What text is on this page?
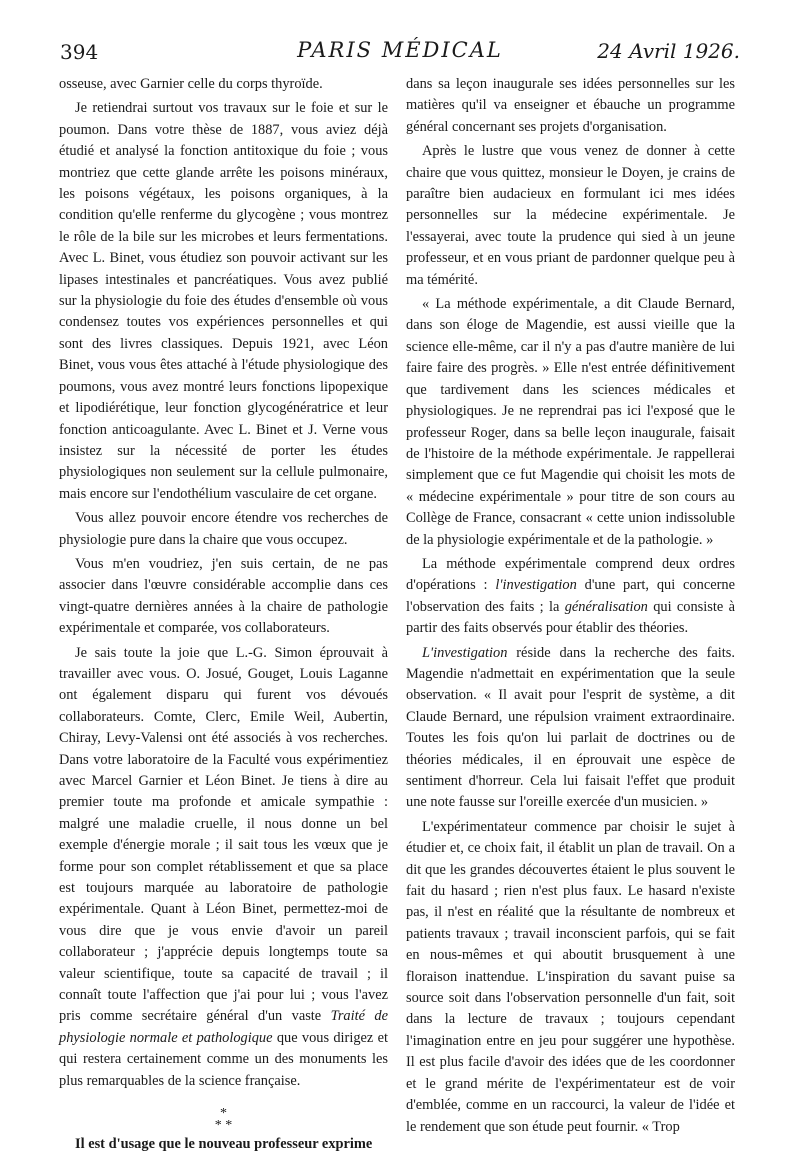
394	PARIS MÉDICAL	24 Avril 1926.

osseuse, avec Garnier celle du corps thyroïde.

Je retiendrai surtout vos travaux sur le foie et sur le poumon. Dans votre thèse de 1887, vous aviez déjà étudié et analysé la fonction antitoxique du foie ; vous montriez que cette glande arrête les poisons minéraux, les poisons végétaux, les poisons organiques, à la condition qu'elle renferme du glycogène ; vous montrez le rôle de la bile sur les microbes et leurs fermentations. Avec L. Binet, vous étudiez son pouvoir activant sur les lipases intestinales et pancréatiques. Vous avez publié sur la physiologie du foie des études d'ensemble où vous condensez toutes vos expériences personnelles et qui sont des livres classiques. Depuis 1921, avec Léon Binet, vous vous êtes attaché à l'étude physiologique des poumons, vous avez montré leurs fonctions lipopexique et lipodiérétique, leur fonction glycogénératrice et leur fonction anticoagulante. Avec L. Binet et J. Verne vous insistez sur la nécessité de porter les études physiologiques non seulement sur la cellule pulmonaire, mais encore sur l'endothélium vasculaire de cet organe.

Vous allez pouvoir encore étendre vos recherches de physiologie pure dans la chaire que vous occupez.

Vous m'en voudriez, j'en suis certain, de ne pas associer dans l'œuvre considérable accomplie dans ces vingt-quatre dernières années à la chaire de pathologie expérimentale et comparée, vos collaborateurs.

Je sais toute la joie que L.-G. Simon éprouvait à travailler avec vous. O. Josué, Gouget, Louis Laganne ont également disparu qui furent vos dévoués collaborateurs. Comte, Clerc, Emile Weil, Aubertin, Chiray, Levy-Valensi ont été associés à vos recherches. Dans votre laboratoire de la Faculté vous expérimentiez avec Marcel Garnier et Léon Binet. Je tiens à dire au premier toute ma profonde et amicale sympathie : malgré une maladie cruelle, il nous donne un bel exemple d'énergie morale ; il sait tous les vœux que je forme pour son complet rétablissement et que sa place est toujours marquée au laboratoire de pathologie expérimentale. Quant à Léon Binet, permettez-moi de vous dire que je vous envie d'avoir un pareil collaborateur ; j'apprécie depuis longtemps toute sa valeur scientifique, toute sa capacité de travail ; il connaît toute l'affection que j'ai pour lui ; vous l'avez pris comme secrétaire général d'un vaste Traité de physiologie normale et pathologique que vous dirigez et qui restera certainement comme un des monuments les plus remarquables de la science française.

*
* *

Il est d'usage que le nouveau professeur exprime

dans sa leçon inaugurale ses idées personnelles sur les matières qu'il va enseigner et ébauche un programme général concernant ses projets d'organisation.

Après le lustre que vous venez de donner à cette chaire que vous quittez, monsieur le Doyen, je crains de paraître bien audacieux en formulant ici mes idées personnelles sur la médecine expérimentale. Je l'essayerai, avec toute la prudence qui sied à un jeune professeur, et en vous priant de pardonner quelque peu à ma témérité.

« La méthode expérimentale, a dit Claude Bernard, dans son éloge de Magendie, est aussi vieille que la science elle-même, car il n'y a pas d'autre manière de lui faire faire des progrès. » Elle n'est entrée définitivement que tardivement dans les sciences médicales et physiologiques. Je ne reprendrai pas ici l'exposé que le professeur Roger, dans sa belle leçon inaugurale, faisait de l'histoire de la méthode expérimentale. Je rappellerai simplement que ce fut Magendie qui choisit les mots de « médecine expérimentale » pour titre de son cours au Collège de France, consacrant « cette union indissoluble de la physiologie expérimentale et de la pathologie. »

La méthode expérimentale comprend deux ordres d'opérations : l'investigation d'une part, qui concerne l'observation des faits ; la généralisation qui consiste à partir des faits observés pour établir des théories.

L'investigation réside dans la recherche des faits. Magendie n'admettait en expérimentation que la seule observation. « Il avait pour l'esprit de système, a dit Claude Bernard, une répulsion vraiment extraordinaire. Toutes les fois qu'on lui parlait de doctrines ou de théories médicales, il en éprouvait une espèce de sentiment d'horreur. Cela lui faisait l'effet que produit une note fausse sur l'oreille exercée d'un musicien. »

L'expérimentateur commence par choisir le sujet à étudier et, ce choix fait, il établit un plan de travail. On a dit que les grandes découvertes étaient le plus souvent le fait du hasard ; rien n'est plus faux. Le hasard n'existe pas, il n'est en réalité que la résultante de nombreux et patients travaux ; travail inconscient parfois, qui se fait en nous-mêmes et qui aboutit brusquement à une floraison inattendue. L'inspiration du savant puise sa source soit dans l'observation personnelle d'un fait, soit dans la lecture de travaux ; toujours cependant l'imagination entre en jeu pour suggérer une hypothèse. Il est plus facile d'avoir des idées que de les coordonner et le grand mérite de l'expérimentateur est de voir d'emblée, comme en un raccourci, la valeur de l'idée et le rendement que son étude peut fournir. « Trop
